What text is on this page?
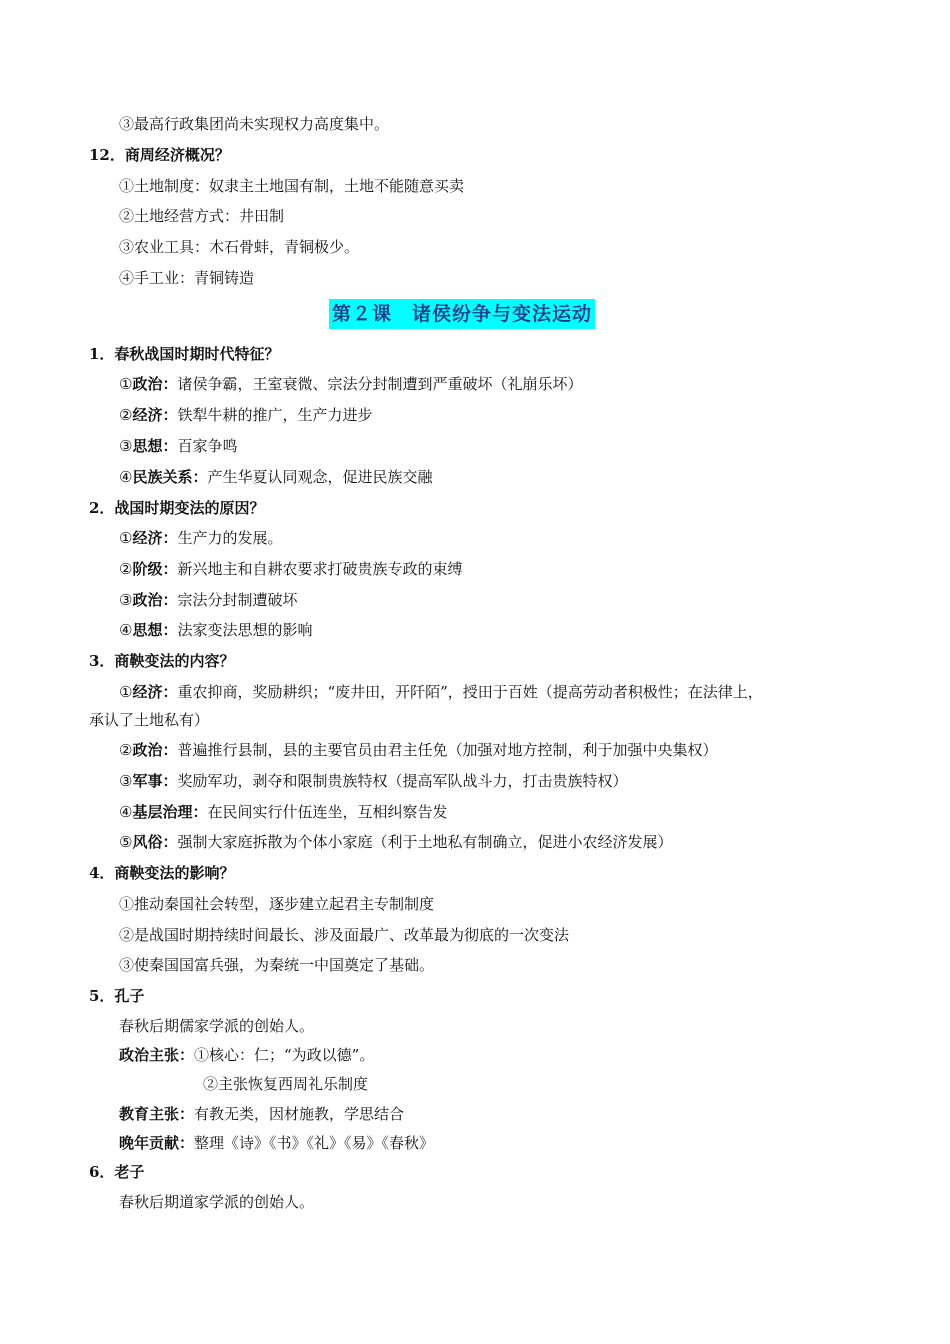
③最高行政集团尚未实现权力高度集中。
12．商周经济概况？
①土地制度：奴隶主土地国有制，土地不能随意买卖
②土地经营方式：井田制
③农业工具：木石骨蚌，青铜极少。
④手工业：青铜铸造
第２课　诸侯纷争与变法运动
1．春秋战国时期时代特征？
①政治：诸侯争霸，王室衰微、宗法分封制遭到严重破坏（礼崩乐坏）
②经济：铁犁牛耕的推广，生产力进步
③思想：百家争鸣
④民族关系：产生华夏认同观念，促进民族交融
2．战国时期变法的原因？
①经济：生产力的发展。
②阶级：新兴地主和自耕农要求打破贵族专政的束缚
③政治：宗法分封制遭破坏
④思想：法家变法思想的影响
3．商鞅变法的内容？
①经济：重农抑商，奖励耕织；“废井田，开阡陌”，授田于百姓（提高劳动者积极性；在法律上，
承认了土地私有）
②政治：普遍推行县制，县的主要官员由君主任免（加强对地方控制，利于加强中央集权）
③军事：奖励军功，剥夺和限制贵族特权（提高军队战斗力，打击贵族特权）
④基层治理：在民间实行什伍连坐，互相纠察告发
⑤风俗：强制大家庭拆散为个体小家庭（利于土地私有制确立，促进小农经济发展）
4．商鞅变法的影响？
①推动秦国社会转型，逐步建立起君主专制制度
②是战国时期持续时间最长、涉及面最广、改革最为彻底的一次变法
③使秦国国富兵强，为秦统一中国奠定了基础。
5．孔子
春秋后期儒家学派的创始人。
政治主张：①核心：仁；“为政以德”。
②主张恢复西周礼乐制度
教育主张：有教无类，因材施教，学思结合
晚年贡献：整理《诗》《书》《礼》《易》《春秋》
6．老子
春秋后期道家学派的创始人。
